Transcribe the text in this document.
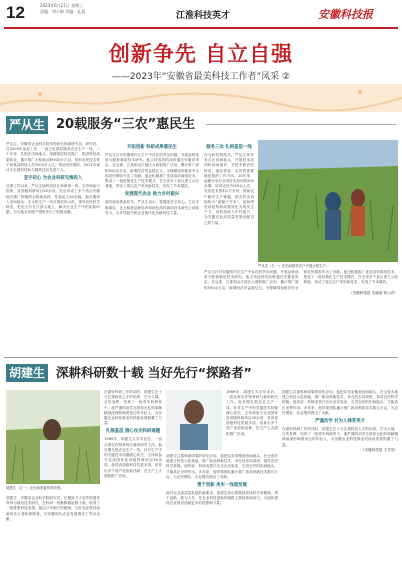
12	2023年6月21日 星期三
责编：刘小敏 美编：孔晨	江淮科技英才	安徽科技报
创新争先 自立自强
——2023年“安徽省最美科技工作者”风采 ②
严从生 20载服务“三农”惠民生
严从生，安徽省农业科学院作物研究所副研究员，研究员。自2003年参加工作，一直立足基层服务农业生产一线，二十年来，扎根在田间地头，深耕基层科技推广，推进科技成果转化，累计推广水稻新品种500多万亩，培训农民技术骨干和基层科技人员7000多人次，带动农民增收，2021年被评为全国科技助力精准扶贫先进个人。
坚守初心 为农业科研无悔投入
从事工作以来，严从生始终坚持在科研第一线，主持和参与国家、省部级科研项目20余项，先后育成了多个适合安徽地区推广种植的水稻新品种，发表论文40余篇。他长期深入田间地头，在水稻生产一线开展试验示范，指导农民科学种田，把论文写在江淮大地上，解决农业生产中的实际问题，为当地农民增产增收作出了积极贡献。
开拓创新 科研成果惠民生
严从生针对安徽稻作区生产中存在的突出问题，开展品种选育与配套栽培技术研究。他主持选育的品种通过安徽省审定，在沿淮、江淮和沿江地区大面积推广应用，累计推广面积500余万亩，新增经济效益数亿元，为保障国家粮食安全和农民增收作出了贡献。他还积极推广优质高效栽培技术，集成了一批轻简化生产技术模式，在全省多个县区建立示范基地，带动了周边农户采用新技术，实现了节本增效。
发展现代农业 助力乡村振兴
面对新形势新任务，严从生表示，将继续坚守初心，立足本职岗位，在水稻新品种选育和绿色高效栽培技术研究上持续发力，为乡村振兴和农业现代化贡献科技力量。
服务三农 扎根基层一线
作为科技特派员，严从生常年奔走在田间地头，开展技术培训和现场指导，手把手教农民种田。他经常说：农民的需要就是我的工作方向。20年来，他累计举办各类技术培训班200余期，培训农民7000余人次，发放技术资料2万多份，帮助农户解决生产难题，被农民亲切地称为“泥腿子专家”。他始终坚持把科研成果转化为现实生产力，用科技助力乡村振兴，为安徽农业高质量发展贡献自己的力量。
严从生（右一）在田间指导农户开展水稻生产。
严从生针对安徽稻作区生产中存在的突出问题，开展品种选育与配套栽培技术研究。他主持选育的品种通过安徽省审定，在沿淮、江淮和沿江地区大面积推广应用，累计推广面积500余万亩，新增经济效益数亿元，为保障国家粮食安全和农民增收作出了贡献。他还积极推广优质高效栽培技术，集成了一批轻简化生产技术模式，在全省多个县区建立示范基地，带动了周边农户采用新技术，实现了节本增效。
（安徽科技报 朱晓丽 张山青）
胡建生 深耕科研数十载 当好先行“探路者”
胡建生（左一）在田间查看作物长势。
胡建生，安徽省农业科学院研究员，长期致力于农作物遗传育种与栽培技术研究，在科研一线默默耕耘数十载，取得了一批重要科技成果。他以只争朝夕的精神，当好农业科技创新的先行者和探路者，为安徽现代农业发展做出了突出贡献。
在做好科研工作的同时，胡建生还十分注重科技人才的培养，甘为人梯，言传身教，培养了一批青年科研骨干。他严谨的治学态度和无私的奉献精神深深影响着身边的年轻人，为安徽农业科技事业的持续发展积蓄了力量。
扎根基层 潜心攻关科研难题
1989年，胡建生大学毕业后，一直从事农作物育种与栽培研究工作。他长期扎根农业生产一线，针对生产中的关键技术问题潜心攻关，主持和参与完成国家及省级科研项目30余项，获得省部级科技奖励多项，培育出多个高产优质新品种，在生产上大面积推广应用。
胡建生注重科研成果的转化应用，他把实验室搬到田间地头，在全省多地建立科技示范基地，推广新品种新技术，举办技术培训班，指导农民科学种植。他常说：科研成果只有走出实验室、走进农民的田间地头，才能真正发挥作用。多年来，他带领团队累计推广新品种新技术数百万亩，为农民增收、农业增效做出了贡献。
勇于创新 务实一线谋发展
面对农业高质量发展的新要求，胡建生表示将继续发扬科学家精神，勇于创新，敢为人先，在农业科技创新的道路上继续探索前行，为加快建设农业强省贡献更多的智慧和力量。
1989年，胡建生大学毕业后，一直从事农作物育种与栽培研究工作。他长期扎根农业生产一线，针对生产中的关键技术问题潜心攻关，主持和参与完成国家及省级科研项目30余项，获得省部级科技奖励多项，培育出多个高产优质新品种，在生产上大面积推广应用。
胡建生注重科研成果的转化应用，他把实验室搬到田间地头，在全省多地建立科技示范基地，推广新品种新技术，举办技术培训班，指导农民科学种植。他常说：科研成果只有走出实验室、走进农民的田间地头，才能真正发挥作用。多年来，他带领团队累计推广新品种新技术数百万亩，为农民增收、农业增效做出了贡献。
严谨治学 甘为人梯育英才
在做好科研工作的同时，胡建生还十分注重科技人才的培养，甘为人梯，言传身教，培养了一批青年科研骨干。他严谨的治学态度和无私的奉献精神深深影响着身边的年轻人，为安徽农业科技事业的持续发展积蓄了力量。
（安徽科技报 王学英）
